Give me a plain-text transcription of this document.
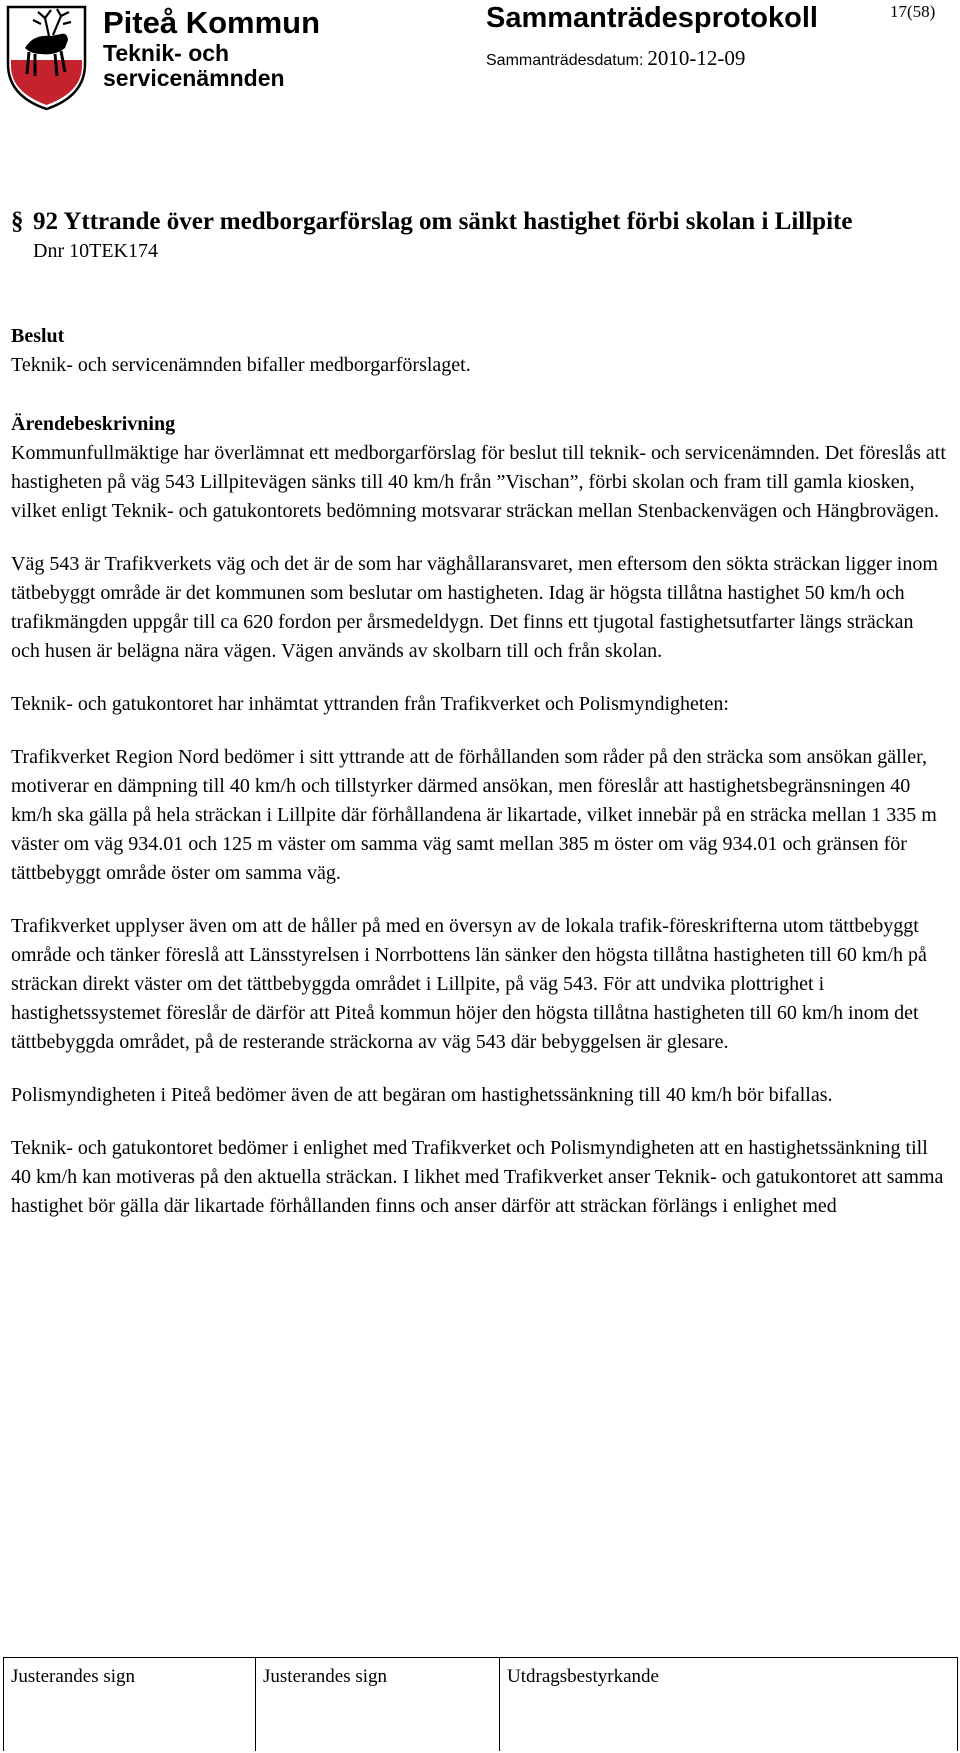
Piteå Kommun
Teknik- och
servicenämnden
Sammanträdesprotokoll	17(58)
Sammanträdesdatum: 2010-12-09
§ 92 Yttrande över medborgarförslag om sänkt hastighet förbi skolan i Lillpite

Dnr 10TEK174

Beslut

Teknik- och servicenämnden bifaller medborgarförslaget.

Ärendebeskrivning

Kommunfullmäktige har överlämnat ett medborgarförslag för beslut till teknik- och servicenämnden. Det föreslås att hastigheten på väg 543 Lillpitevägen sänks till 40 km/h från ”Vischan”, förbi skolan och fram till gamla kiosken, vilket enligt Teknik- och gatukontorets bedömning motsvarar sträckan mellan Stenbackenvägen och Hängbrovägen.

Väg 543 är Trafikverkets väg och det är de som har väghållaransvaret, men eftersom den sökta sträckan ligger inom tätbebyggt område är det kommunen som beslutar om hastigheten. Idag är högsta tillåtna hastighet 50 km/h och trafikmängden uppgår till ca 620 fordon per årsmedeldygn. Det finns ett tjugotal fastighetsutfarter längs sträckan och husen är belägna nära vägen. Vägen används av skolbarn till och från skolan.

Teknik- och gatukontoret har inhämtat yttranden från Trafikverket och Polismyndigheten:

Trafikverket Region Nord bedömer i sitt yttrande att de förhållanden som råder på den sträcka som ansökan gäller, motiverar en dämpning till 40 km/h och tillstyrker därmed ansökan, men föreslår att hastighetsbegränsningen 40 km/h ska gälla på hela sträckan i Lillpite där förhållandena är likartade, vilket innebär på en sträcka mellan 1 335 m väster om väg 934.01 och 125 m väster om samma väg samt mellan 385 m öster om väg 934.01 och gränsen för tättbebyggt område öster om samma väg.

Trafikverket upplyser även om att de håller på med en översyn av de lokala trafik-föreskrifterna utom tättbebyggt område och tänker föreslå att Länsstyrelsen i Norrbottens län sänker den högsta tillåtna hastigheten till 60 km/h på sträckan direkt väster om det tättbebyggda området i Lillpite, på väg 543. För att undvika plottrighet i hastighetssystemet föreslår de därför att Piteå kommun höjer den högsta tillåtna hastigheten till 60 km/h inom det tättbebyggda området, på de resterande sträckorna av väg 543 där bebyggelsen är glesare.

Polismyndigheten i Piteå bedömer även de att begäran om hastighetssänkning till 40 km/h bör bifallas.

Teknik- och gatukontoret bedömer i enlighet med Trafikverket och Polismyndigheten att en hastighetssänkning till 40 km/h kan motiveras på den aktuella sträckan. I likhet med Trafikverket anser Teknik- och gatukontoret att samma hastighet bör gälla där likartade förhållanden finns och anser därför att sträckan förlängs i enlighet med

Justerandes sign	Justerandes sign	Utdragsbestyrkande
